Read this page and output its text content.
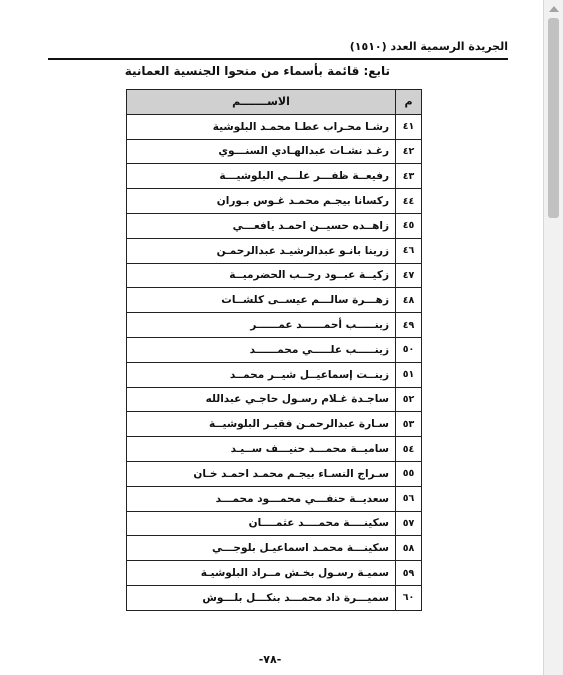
الجريدة الرسمية العدد (١٥١٠)
تابع: قائمة بأسماء من منحوا الجنسية العمانية
م	الاســـــــم
٤١	رشـا محـراب عطـا محمـد البلوشية
٤٢	رغـد نشـات عبدالهـادي السنـــوي
٤٣	رفيعــة ظفـــر علـــي البلوشيـــة
٤٤	ركسانا بيجـم محمـد غـوس بـوران
٤٥	زاهــده حسيــن احمـد يافعـــي
٤٦	زرينا بانـو عبدالرشيـد عبدالرحمـن
٤٧	زكيــة عبــود رجــب الحضرميــة
٤٨	زهـــرة سالـــم عيســى كلشــات
٤٩	زينـــــب أحمــــــد عمــــــر
٥٠	زينـــــب علـــــي محمــــــد
٥١	زينــت إسماعيــل شيــر محمــد
٥٢	ساجـدة غـلام رسـول حاجـي عبدالله
٥٣	سـارة عبدالرحمـن فقيـر البلوشيــة
٥٤	ساميــة محمـــد حنيـــف ســيـد
٥٥	سـراج النسـاء بيجـم محمـد احمـد خـان
٥٦	سعديــة حنفـــي محمـــود محمـــد
٥٧	سكينــــة محمــــد عثمــــان
٥٨	سكينـــة محمـد اسماعيـل بلوجـــي
٥٩	سميـة رسـول بخـش مــراد البلوشيـة
٦٠	سميـــرة داد محمـــد بنكـــل بلـــوش
-٧٨-
